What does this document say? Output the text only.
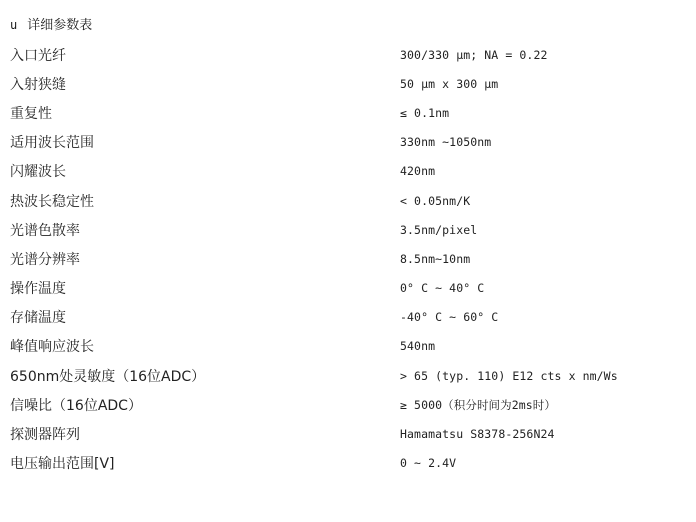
u 详细参数表
入口光纤	300/330 μm; NA = 0.22
入射狭缝	50 μm x 300 μm
重复性	≤ 0.1nm
适用波长范围	330nm ~1050nm
闪耀波长	420nm
热波长稳定性	< 0.05nm/K
光谱色散率	3.5nm/pixel
光谱分辨率	8.5nm~10nm
操作温度	0° C ~ 40° C
存储温度	-40° C ~ 60° C
峰值响应波长	540nm
650nm处灵敏度（16位ADC）	> 65 (typ. 110) E12 cts x nm/Ws
信噪比（16位ADC）	≥ 5000（积分时间为2ms时）
探测器阵列	Hamamatsu S8378-256N24
电压输出范围[V]	0 ~ 2.4V
